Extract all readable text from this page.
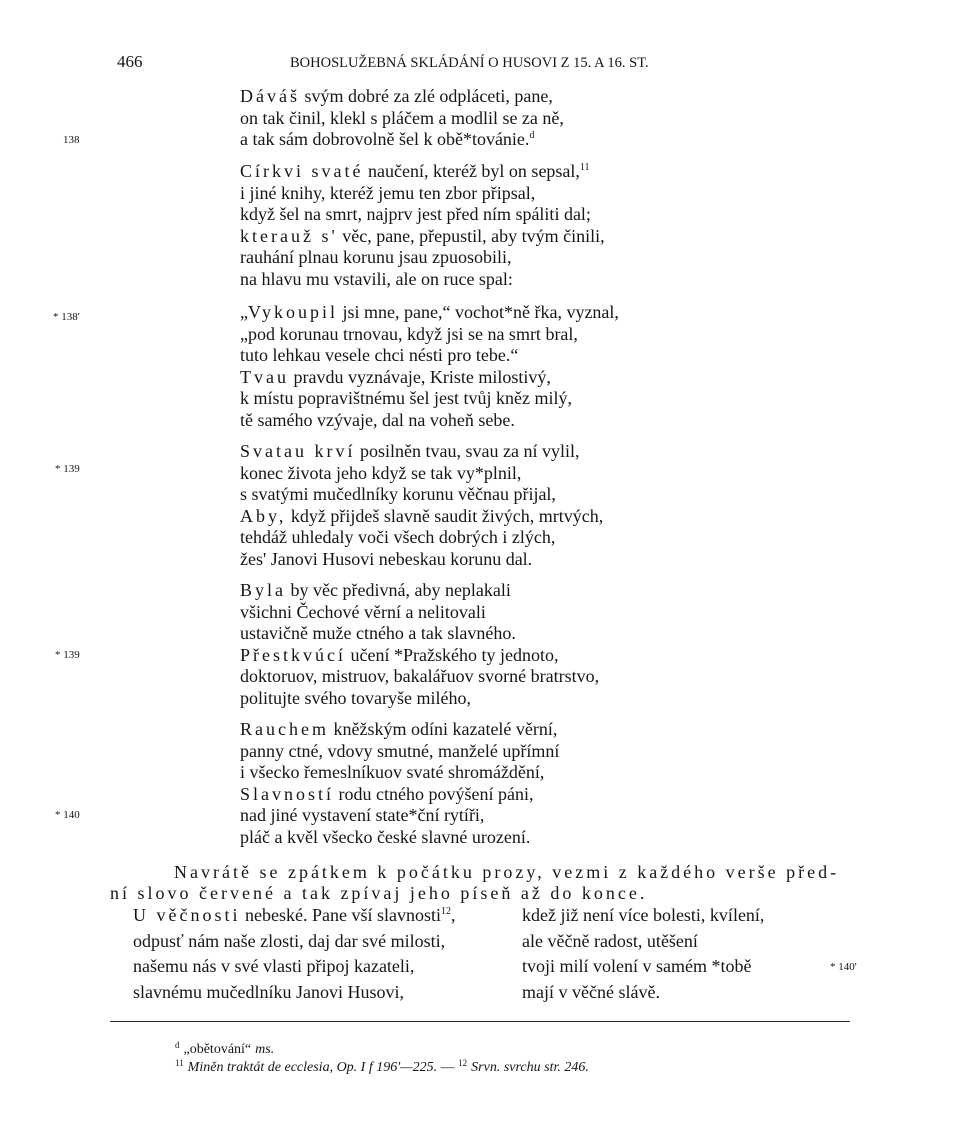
466	BOHOSLUŽEBNÁ SKLÁDÁNÍ O HUSOVI Z 15. A 16. ST.
138
* 138'
* 139
* 139
* 140
* 140'
Dáváš svým dobré za zlé odpláceti, pane,
on tak činil, klekl s pláčem a modlil se za ně,
a tak sám dobrovolně šel k obě*továnie.$^d$
Církvi svaté naučení, kteréž byl on sepsal,$^{11}$
i jiné knihy, kteréž jemu ten zbor připsal,
když šel na smrt, najprv jest před ním spáliti dal;
kterauž s' věc, pane, přepustil, aby tvým činili,
rauhání plnau korunu jsau zpuosobili,
na hlavu mu vstavili, ale on ruce spal:
„Vykoupil jsi mne, pane,“ vochot*ně řka, vyznal,
„pod korunau trnovau, když jsi se na smrt bral,
tuto lehkau vesele chci nésti pro tebe.“
Tvau pravdu vyznávaje, Kriste milostivý,
k místu popravištnému šel jest tvůj kněz milý,
tě samého vzývaje, dal na voheň sebe.
Svatau krví posilněn tvau, svau za ní vylil,
konec života jeho když se tak vy*plnil,
s svatými mučedlníky korunu věčnau přijal,
Aby, když přijdeš slavně saudit živých, mrtvých,
tehdáž uhledaly voči všech dobrých i zlých,
žes' Janovi Husovi nebeskau korunu dal.
Byla by věc předivná, aby neplakali
všichni Čechové věrní a nelitovali
ustavičně muže ctného a tak slavného.
Přestkvúcí učení *Pražského ty jednoto,
doktoruov, mistruov, bakalářuov svorné bratrstvo,
politujte svého tovaryše milého,
Rauchem kněžským odíni kazatelé věrní,
panny ctné, vdovy smutné, manželé upřímní
i všecko řemeslníkuov svaté shromáždění,
Slavností rodu ctného povýšení páni,
nad jiné vystavení state*ční rytíři,
pláč a kvěl všecko české slavné urození.
Navrátě se zpátkem k počátku prozy, vezmi z každého verše před-
ní slovo červené a tak zpívaj jeho píseň až do konce.
U věčnosti nebeské. Pane vší slavnosti$^{12}$,
odpusť nám naše zlosti, daj dar své milosti,
našemu nás v své vlasti připoj kazateli,
slavnému mučedlníku Janovi Husovi,
kdež již není více bolesti, kvílení,
ale věčně radost, utěšení
tvoji milí volení v samém *tobě
mají v věčné slávě.
$^d$ „obětování“ ms.
$^{11}$ Miněn traktát de ecclesia, Op. I f 196'—225. — $^{12}$ Srvn. svrchu str. 246.
